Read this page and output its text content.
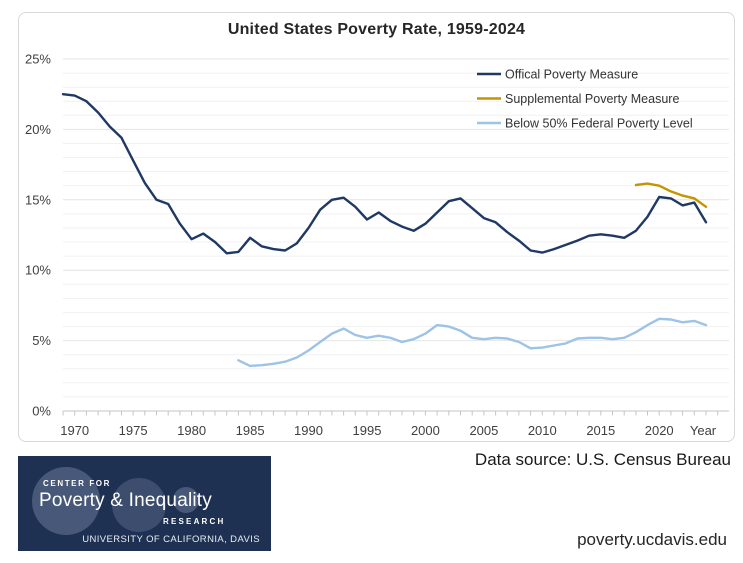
United States Poverty Rate, 1959-2024
1970 1975 1980 1985 1990 1995 2000 2005 2010 2015 2020 Year
0%
5%
10%
15%
20%
25%
Offical Poverty Measure
Supplemental Poverty Measure
Below 50% Federal Poverty Level
Data source: U.S. Census Bureau
CENTER FOR
Poverty & Inequality
RESEARCH
UNIVERSITY OF CALIFORNIA, DAVIS	poverty.ucdavis.edu
